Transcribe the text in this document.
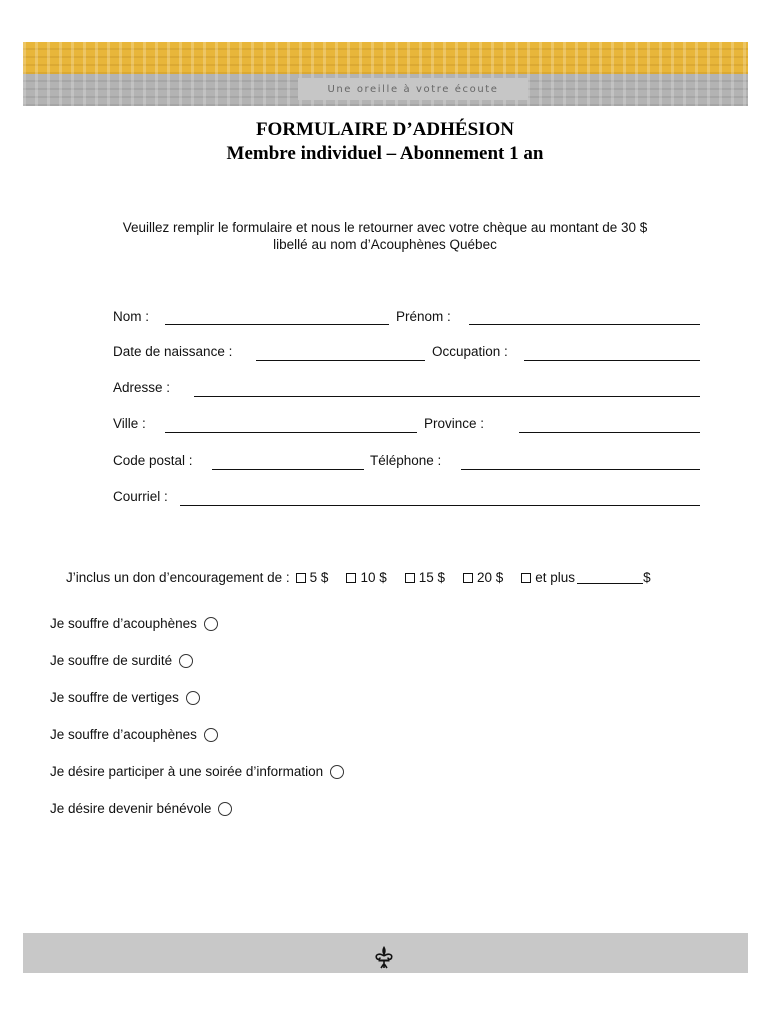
Une oreille à votre écoute
FORMULAIRE D’ADHÉSION
Membre individuel – Abonnement 1 an
Veuillez remplir le formulaire et nous le retourner avec votre chèque au montant de 30 $
libellé au nom d’Acouphènes Québec
Nom :	Prénom :
Date de naissance :	Occupation :
Adresse :
Ville :	Province :
Code postal :	Téléphone :
Courriel :
J’inclus un don d’encouragement de : 5 $ 10 $ 15 $ 20 $ et plus	$
Je souffre d’acouphènes
Je souffre de surdité
Je souffre de vertiges
Je souffre d’acouphènes
Je désire participer à une soirée d’information
Je désire devenir bénévole
